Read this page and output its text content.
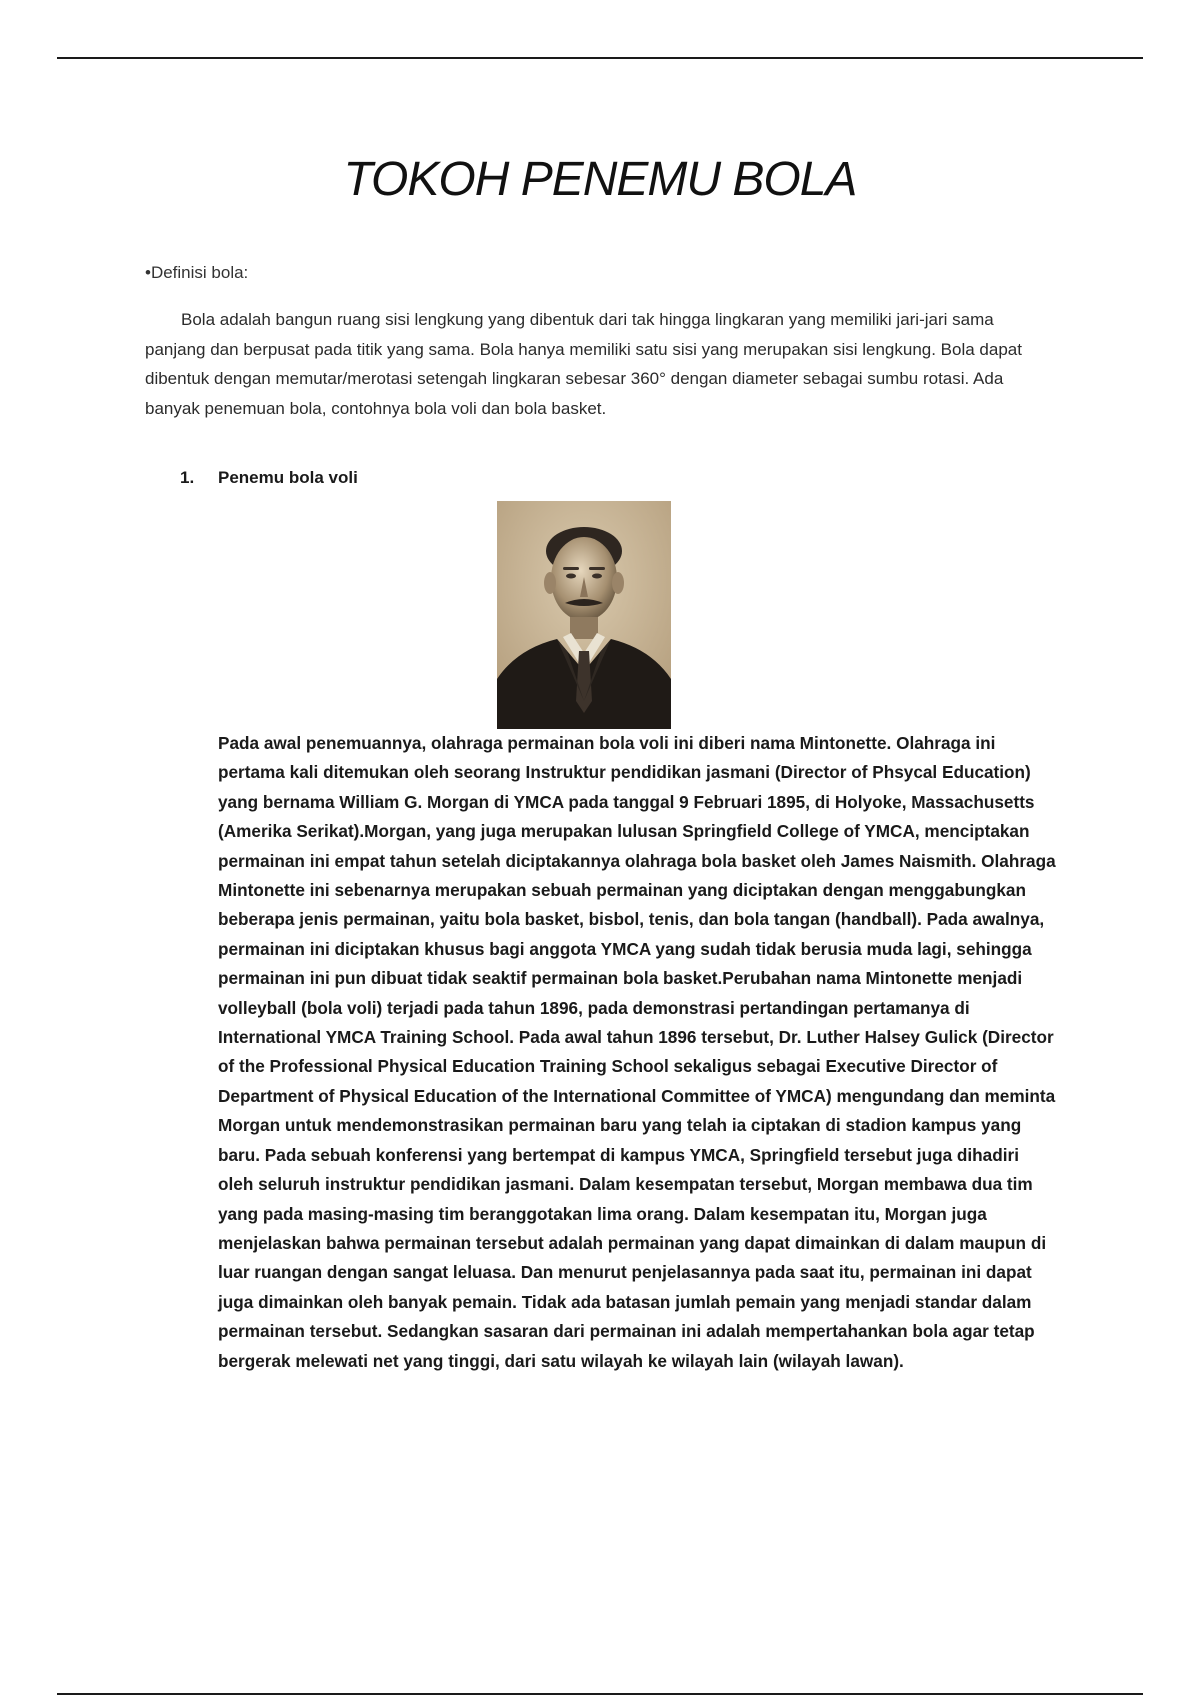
TOKOH PENEMU BOLA
•Definisi bola:

Bola adalah bangun ruang sisi lengkung yang dibentuk dari tak hingga lingkaran yang memiliki jari-jari sama panjang dan berpusat pada titik yang sama. Bola hanya memiliki satu sisi yang merupakan sisi lengkung. Bola dapat dibentuk dengan memutar/merotasi setengah lingkaran sebesar 360° dengan diameter sebagai sumbu rotasi. Ada banyak penemuan bola, contohnya bola voli dan bola basket.

1. Penemu bola voli

Pada awal penemuannya, olahraga permainan bola voli ini diberi nama Mintonette. Olahraga ini pertama kali ditemukan oleh seorang Instruktur pendidikan jasmani (Director of Phsycal Education) yang bernama William G. Morgan di YMCA pada tanggal 9 Februari 1895, di Holyoke, Massachusetts (Amerika Serikat).Morgan, yang juga merupakan lulusan Springfield College of YMCA, menciptakan permainan ini empat tahun setelah diciptakannya olahraga bola basket oleh James Naismith. Olahraga Mintonette ini sebenarnya merupakan sebuah permainan yang diciptakan dengan menggabungkan beberapa jenis permainan, yaitu bola basket, bisbol, tenis, dan bola tangan (handball). Pada awalnya, permainan ini diciptakan khusus bagi anggota YMCA yang sudah tidak berusia muda lagi, sehingga permainan ini pun dibuat tidak seaktif permainan bola basket.Perubahan nama Mintonette menjadi volleyball (bola voli) terjadi pada tahun 1896, pada demonstrasi pertandingan pertamanya di International YMCA Training School. Pada awal tahun 1896 tersebut, Dr. Luther Halsey Gulick (Director of the Professional Physical Education Training School sekaligus sebagai Executive Director of Department of Physical Education of the International Committee of YMCA) mengundang dan meminta Morgan untuk mendemonstrasikan permainan baru yang telah ia ciptakan di stadion kampus yang baru. Pada sebuah konferensi yang bertempat di kampus YMCA, Springfield tersebut juga dihadiri oleh seluruh instruktur pendidikan jasmani. Dalam kesempatan tersebut, Morgan membawa dua tim yang pada masing-masing tim beranggotakan lima orang. Dalam kesempatan itu, Morgan juga menjelaskan bahwa permainan tersebut adalah permainan yang dapat dimainkan di dalam maupun di luar ruangan dengan sangat leluasa. Dan menurut penjelasannya pada saat itu, permainan ini dapat juga dimainkan oleh banyak pemain. Tidak ada batasan jumlah pemain yang menjadi standar dalam permainan tersebut. Sedangkan sasaran dari permainan ini adalah mempertahankan bola agar tetap bergerak melewati net yang tinggi, dari satu wilayah ke wilayah lain (wilayah lawan).
